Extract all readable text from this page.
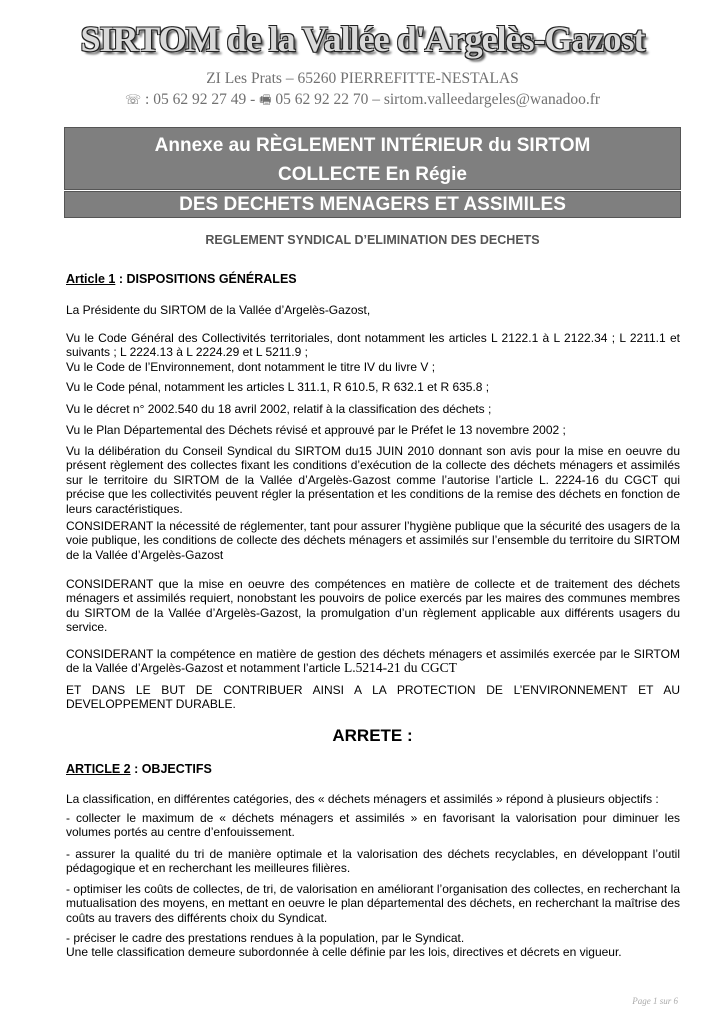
SIRTOM de la Vallée d'Argelès-Gazost
ZI Les Prats – 65260 PIERREFITTE-NESTALAS
☏ : 05 62 92 27 49 - 🖷 05 62 92 22 70 – sirtom.valleedargeles@wanadoo.fr
Annexe au RÈGLEMENT INTÉRIEUR du SIRTOM
COLLECTE En Régie
DES DECHETS MENAGERS ET ASSIMILES
REGLEMENT SYNDICAL D’ELIMINATION DES DECHETS
Article 1 : DISPOSITIONS GÉNÉRALES
La Présidente du SIRTOM de la Vallée d’Argelès-Gazost,
Vu le Code Général des Collectivités territoriales, dont notamment les articles L 2122.1 à L 2122.34 ; L 2211.1 et suivants ; L 2224.13 à L 2224.29 et L 5211.9 ;
Vu le Code de l’Environnement, dont notamment le titre IV du livre V ;
Vu le Code pénal, notamment les articles L 311.1, R 610.5, R 632.1 et R 635.8 ;
Vu le décret n° 2002.540 du 18 avril 2002, relatif à la classification des déchets ;
Vu le Plan Départemental des Déchets révisé et approuvé par le Préfet le 13 novembre 2002 ;
Vu la délibération du Conseil Syndical du SIRTOM du15 JUIN 2010 donnant son avis pour la mise en oeuvre du présent règlement des collectes fixant les conditions d’exécution de la collecte des déchets ménagers et assimilés sur le territoire du SIRTOM de la Vallée d’Argelès-Gazost comme l’autorise l’article L. 2224-16 du CGCT qui précise que les collectivités peuvent régler la présentation et les conditions de la remise des déchets en fonction de leurs caractéristiques.
CONSIDERANT la nécessité de réglementer, tant pour assurer l’hygiène publique que la sécurité des usagers de la voie publique, les conditions de collecte des déchets ménagers et assimilés sur l’ensemble du territoire du SIRTOM de la Vallée d’Argelès-Gazost
CONSIDERANT que la mise en oeuvre des compétences en matière de collecte et de traitement des déchets ménagers et assimilés requiert, nonobstant les pouvoirs de police exercés par les maires des communes membres du SIRTOM de la Vallée d’Argelès-Gazost, la promulgation d’un règlement applicable aux différents usagers du service.
CONSIDERANT la compétence en matière de gestion des déchets ménagers et assimilés exercée par le SIRTOM de la Vallée d’Argelès-Gazost et notamment l’article L.5214-21 du CGCT
ET DANS LE BUT DE CONTRIBUER AINSI A LA PROTECTION DE L’ENVIRONNEMENT ET AU DEVELOPPEMENT DURABLE.
ARRETE :
ARTICLE 2 : OBJECTIFS
La classification, en différentes catégories, des « déchets ménagers et assimilés » répond à plusieurs objectifs :
- collecter le maximum de « déchets ménagers et assimilés » en favorisant la valorisation pour diminuer les volumes portés au centre d’enfouissement.
- assurer la qualité du tri de manière optimale et la valorisation des déchets recyclables, en développant l’outil pédagogique et en recherchant les meilleures filières.
- optimiser les coûts de collectes, de tri, de valorisation en améliorant l’organisation des collectes, en recherchant la mutualisation des moyens, en mettant en oeuvre le plan départemental des déchets, en recherchant la maîtrise des coûts au travers des différents choix du Syndicat.
- préciser le cadre des prestations rendues à la population, par le Syndicat.
Une telle classification demeure subordonnée à celle définie par les lois, directives et décrets en vigueur.
Page 1 sur 6
